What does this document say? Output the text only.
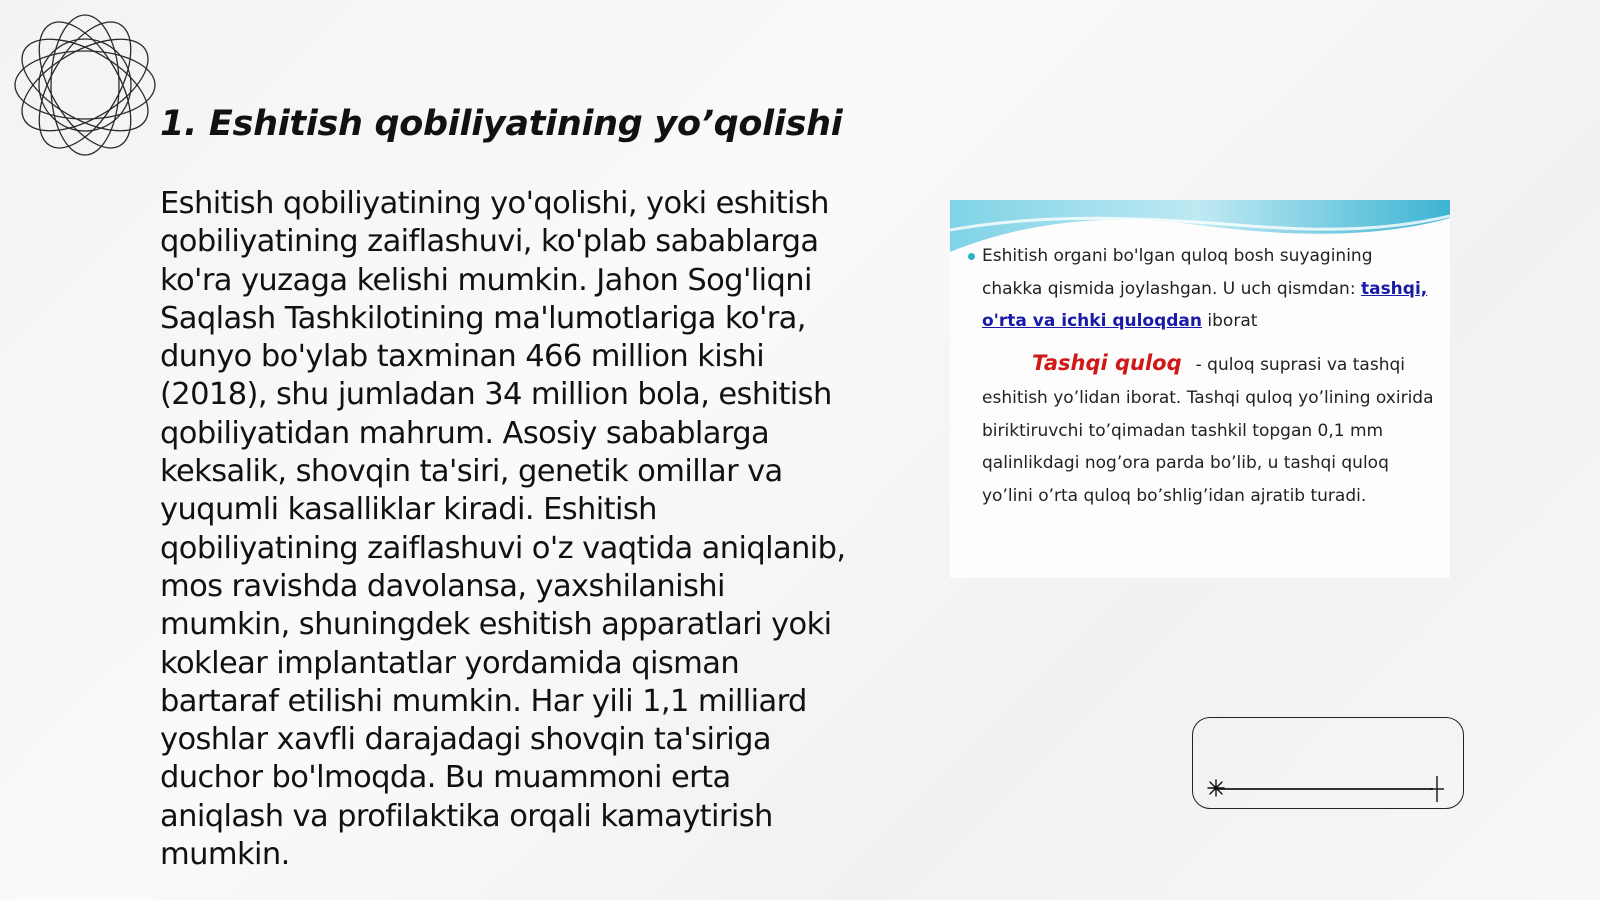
1. Eshitish qobiliyatining yo’qolishi

Eshitish qobiliyatining yo'qolishi, yoki eshitish qobiliyatining zaiflashuvi, ko'plab sabablarga ko'ra yuzaga kelishi mumkin. Jahon Sog'liqni Saqlash Tashkilotining ma'lumotlariga ko'ra, dunyo bo'ylab taxminan 466 million kishi (2018), shu jumladan 34 million bola, eshitish qobiliyatidan mahrum. Asosiy sabablarga keksalik, shovqin ta'siri, genetik omillar va yuqumli kasalliklar kiradi. Eshitish qobiliyatining zaiflashuvi o'z vaqtida aniqlanib, mos ravishda davolansa, yaxshilanishi mumkin, shuningdek eshitish apparatlari yoki koklear implantatlar yordamida qisman bartaraf etilishi mumkin. Har yili 1,1 milliard yoshlar xavfli darajadagi shovqin ta'siriga duchor bo'lmoqda. Bu muammoni erta aniqlash va profilaktika orqali kamaytirish mumkin.

Eshitish organi bo'lgan quloq bosh suyagining chakka qismida joylashgan. U uch qismdan: tashqi, o'rta va ichki quloqdan iborat
Tashqi quloq - quloq suprasi va tashqi eshitish yo’lidan iborat. Tashqi quloq yo’lining oxirida biriktiruvchi to’qimadan tashkil topgan 0,1 mm qalinlikdagi nog’ora parda bo’lib, u tashqi quloq yo’lini o’rta quloq bo’shlig’idan ajratib turadi.
